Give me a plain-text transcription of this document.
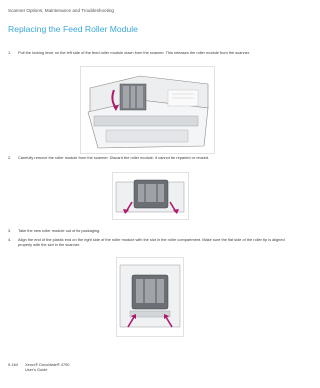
Scanner Options, Maintenance and Troubleshooting
Replacing the Feed Roller Module
1.	Pull the locking lever on the left side of the feed roller module down from the scanner. This releases the roller module from the scanner.
2.	Carefully remove the roller module from the scanner. Discard the roller module, it cannot be repaired or reused.
3.	Take the new roller module out of its packaging.
4.	Align the end of the plastic end on the right side of the roller module with the slot in the roller compartment. Make sure the flat side of the roller tip is aligned properly with the slot in the scanner.
9-164	Xerox® DocuMate® 4790
User's Guide
